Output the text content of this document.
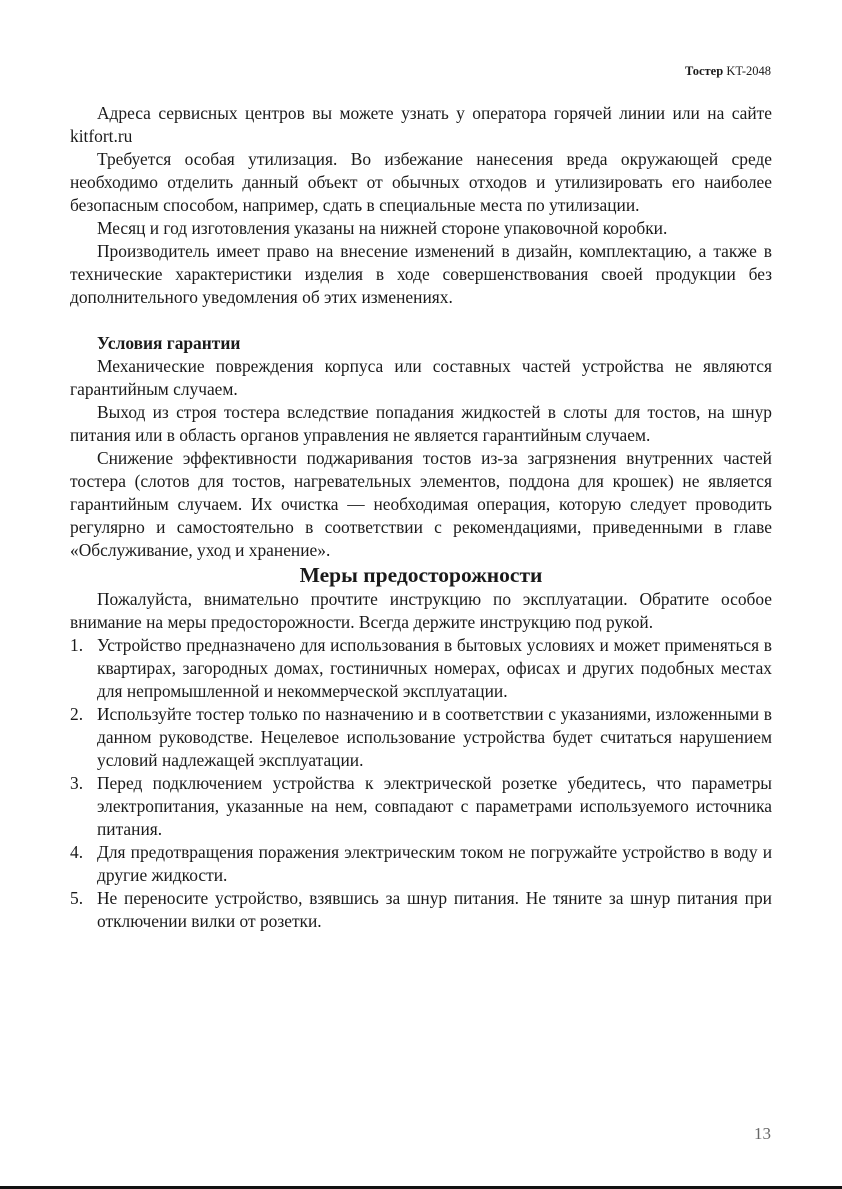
Тостер KT-2048

Адреса сервисных центров вы можете узнать у оператора горячей линии или на сайте kitfort.ru

Требуется особая утилизация. Во избежание нанесения вреда окружающей среде необходимо отделить данный объект от обычных отходов и утилизировать его наиболее безопасным способом, например, сдать в специальные места по утилизации.

Месяц и год изготовления указаны на нижней стороне упаковочной коробки.

Производитель имеет право на внесение изменений в дизайн, комплектацию, а также в технические характеристики изделия в ходе совершенствования своей продукции без дополнительного уведомления об этих изменениях.

Условия гарантии

Механические повреждения корпуса или составных частей устройства не являются гарантийным случаем.

Выход из строя тостера вследствие попадания жидкостей в слоты для тостов, на шнур питания или в область органов управления не является гарантийным случаем.

Снижение эффективности поджаривания тостов из-за загрязнения внутренних частей тостера (слотов для тостов, нагревательных элементов, поддона для крошек) не является гарантийным случаем. Их очистка — необходимая операция, которую следует проводить регулярно и самостоятельно в соответствии с рекомендациями, приведенными в главе «Обслуживание, уход и хранение».

Меры предосторожности

Пожалуйста, внимательно прочтите инструкцию по эксплуатации. Обратите особое внимание на меры предосторожности. Всегда держите инструкцию под рукой.

1. Устройство предназначено для использования в бытовых условиях и может применяться в квартирах, загородных домах, гостиничных номерах, офисах и других подобных местах для непромышленной и некоммерческой эксплуатации.
2. Используйте тостер только по назначению и в соответствии с указаниями, изложенными в данном руководстве. Нецелевое использование устройства будет считаться нарушением условий надлежащей эксплуатации.
3. Перед подключением устройства к электрической розетке убедитесь, что параметры электропитания, указанные на нем, совпадают с параметрами используемого источника питания.
4. Для предотвращения поражения электрическим током не погружайте устройство в воду и другие жидкости.
5. Не переносите устройство, взявшись за шнур питания. Не тяните за шнур питания при отключении вилки от розетки.
13
